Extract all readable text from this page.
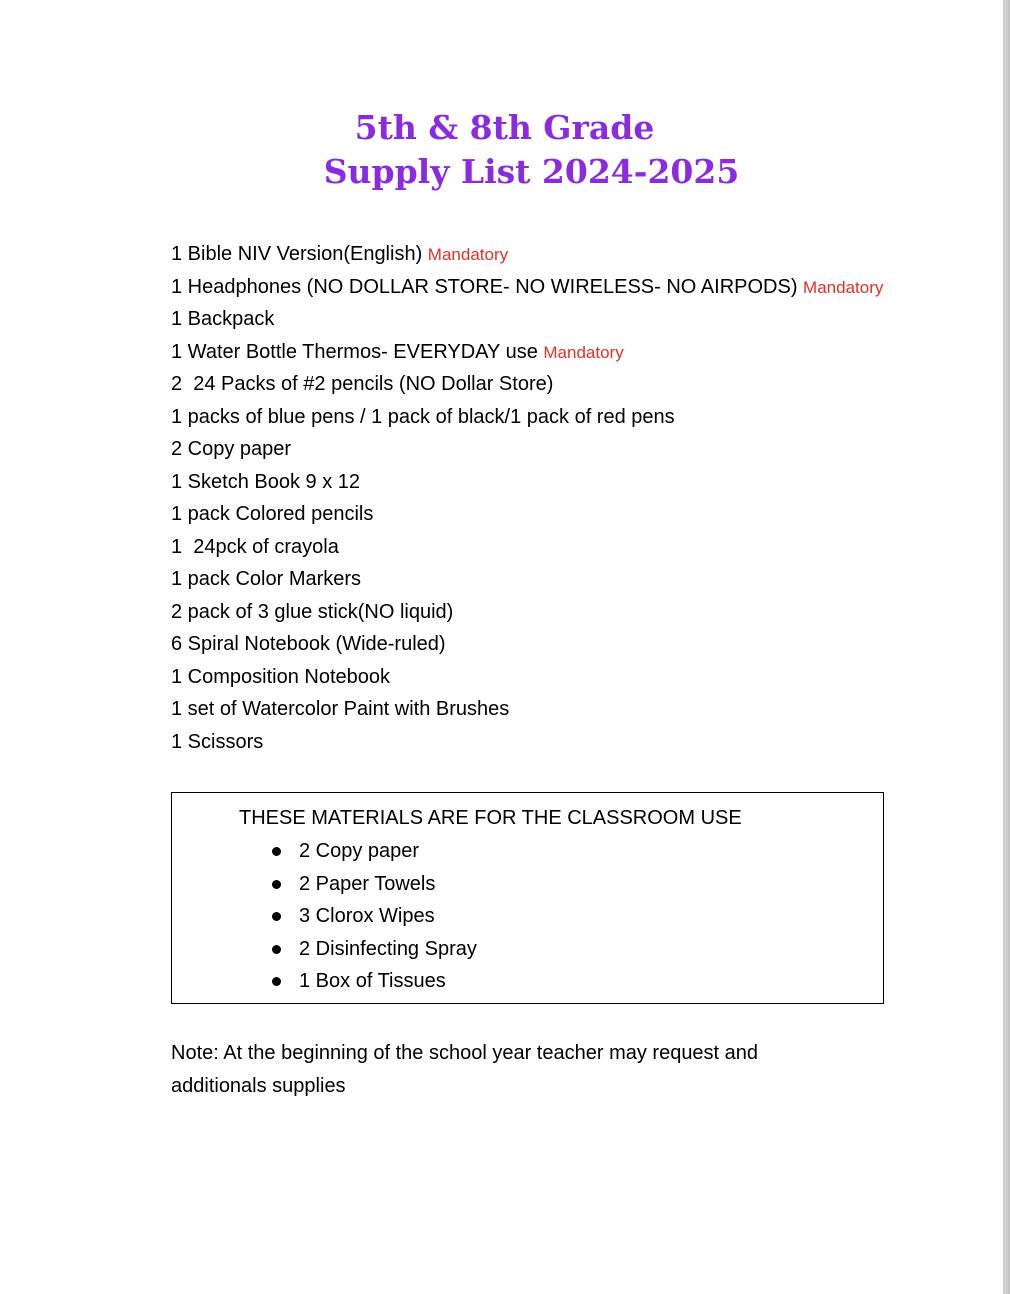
5th & 8th Grade
Supply List 2024-2025
1 Bible NIV Version(English) Mandatory
1 Headphones (NO DOLLAR STORE- NO WIRELESS- NO AIRPODS) Mandatory
1 Backpack
1 Water Bottle Thermos- EVERYDAY use Mandatory
2  24 Packs of #2 pencils (NO Dollar Store)
1 packs of blue pens / 1 pack of black/1 pack of red pens
2 Copy paper
1 Sketch Book 9 x 12
1 pack Colored pencils
1  24pck of crayola
1 pack Color Markers
2 pack of 3 glue stick(NO liquid)
6 Spiral Notebook (Wide-ruled)
1 Composition Notebook
1 set of Watercolor Paint with Brushes
1 Scissors
THESE MATERIALS ARE FOR THE CLASSROOM USE
2 Copy paper
2 Paper Towels
3 Clorox Wipes
2 Disinfecting Spray
1 Box of Tissues
Note: At the beginning of the school year teacher may request and additionals supplies
